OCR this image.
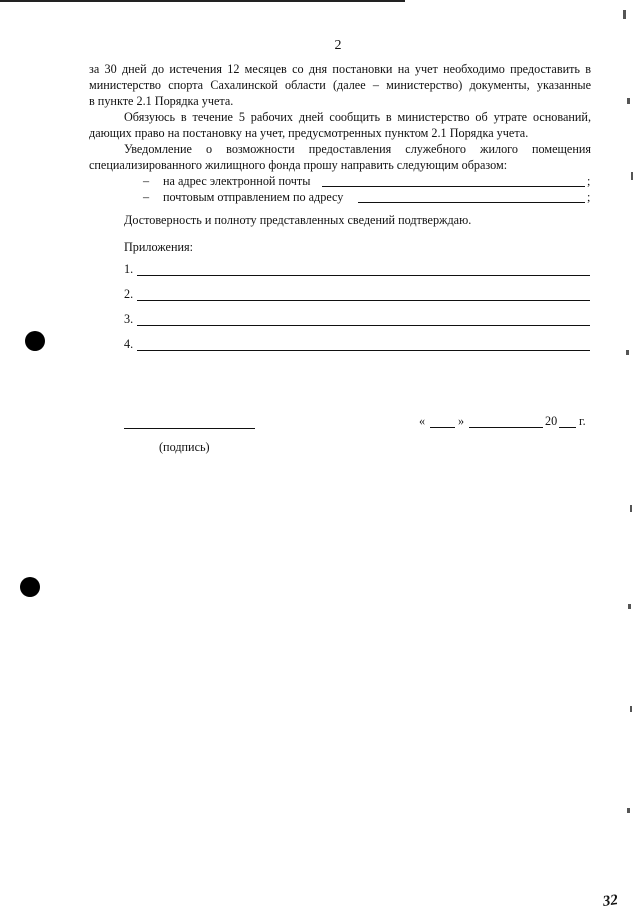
2
за 30 дней до истечения 12 месяцев со дня постановки на учет необходимо предоставить в
министерство спорта Сахалинской области (далее – министерство) документы, указанные
в пункте 2.1 Порядка учета.
Обязуюсь в течение 5 рабочих дней сообщить в министерство об утрате оснований,
дающих право на постановку на учет, предусмотренных пунктом 2.1 Порядка учета.
Уведомление о возможности предоставления служебного жилого помещения
специализированного жилищного фонда прошу направить следующим образом:
– на адрес электронной почты	;
– почтовым отправлением по адресу	;
Достоверность и полноту представленных сведений подтверждаю.
Приложения:
1.
2.
3.
4.
(подпись)
«	»	20 г.
32
